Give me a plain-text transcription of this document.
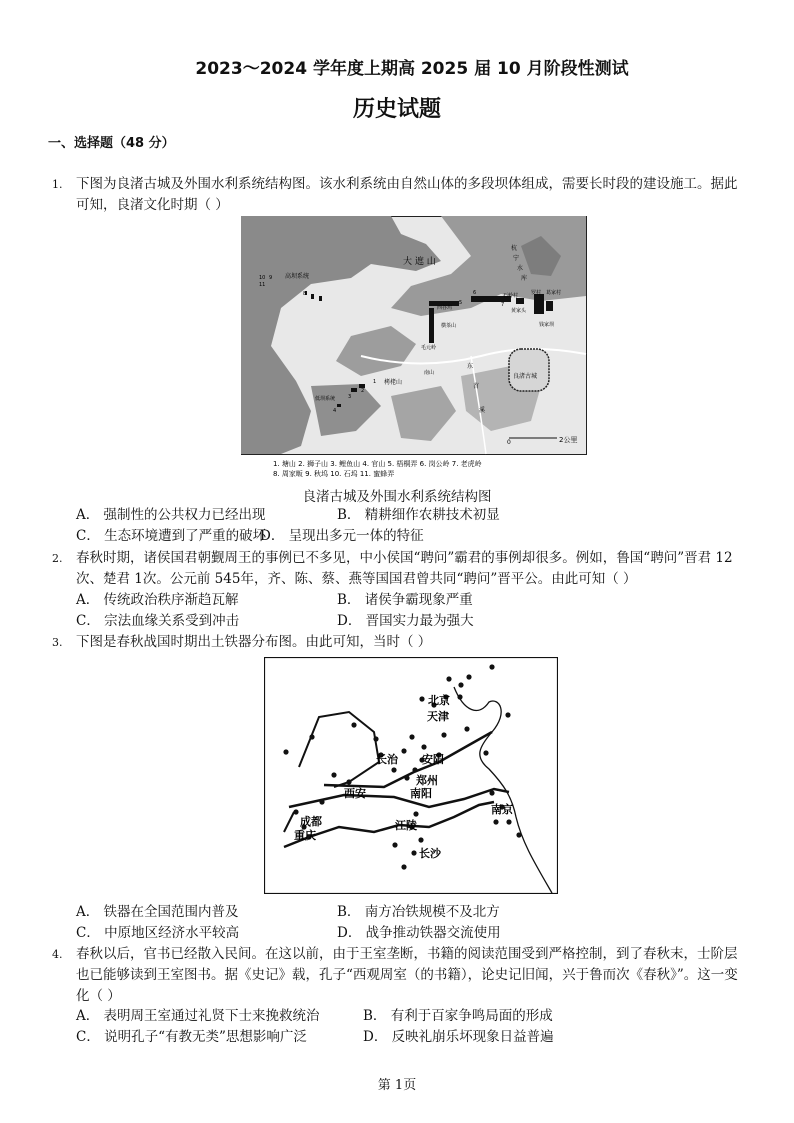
2023～2024 学年度上期高 2025 届 10 月阶段性测试
历史试题
一、选择题（48 分）
1. 下图为良渚古城及外围水利系统结构图。该水利系统由自然山体的多段坝体组成，需要长时段的建设施工。据此可知，良渚文化时期（ ）
大 遮 山
高坝系统
10 9
11
8
西谷坞
横茶山
毛元岭
石岭村
黄家头
罗村 葛家村
钱家坝
良渚古城
南山
栲栳山
低坝系统
1
2
3
4
5
6
7
东
苕
溪
杭
宁
水
库
0	2公里
1. 塘山 2. 狮子山 3. 鲤鱼山 4. 官山 5. 梧桐弄 6. 岗公岭 7. 老虎岭
8. 周家畈 9. 秋坞 10. 石坞 11. 蜜蜂弄
良渚古城及外围水利系统结构图
A． 强制性的公共权力已经出现	B． 精耕细作农耕技术初显
C． 生态环境遭到了严重的破坏
D． 呈现出多元一体的特征
2. 春秋时期，诸侯国君朝觐周王的事例已不多见，中小侯国“聘问”霸君的事例却很多。例如，鲁国“聘问”晋君 12次、楚君 1次。公元前 545年，齐、陈、蔡、燕等国国君曾共同“聘问”晋平公。由此可知（ ）
A． 传统政治秩序渐趋瓦解	B． 诸侯争霸现象严重
C． 宗法血缘关系受到冲击	D． 晋国实力最为强大
3. 下图是春秋战国时期出土铁器分布图。由此可知，当时（ ）
北京
天津
长治 安阳
郑州
南阳
西安
成都
重庆
江陵
长沙
南京
A． 铁器在全国范围内普及	B． 南方冶铁规模不及北方
C． 中原地区经济水平较高	D． 战争推动铁器交流使用
4. 春秋以后，官书已经散入民间。在这以前，由于王室垄断，书籍的阅读范围受到严格控制，到了春秋末，士阶层也已能够读到王室图书。据《史记》载，孔子“西观周室（的书籍），论史记旧闻，兴于鲁而次《春秋》”。这一变化（ ）
A． 表明周王室通过礼贤下士来挽救统治	B． 有利于百家争鸣局面的形成
C． 说明孔子“有教无类”思想影响广泛	D． 反映礼崩乐坏现象日益普遍
第 1页
